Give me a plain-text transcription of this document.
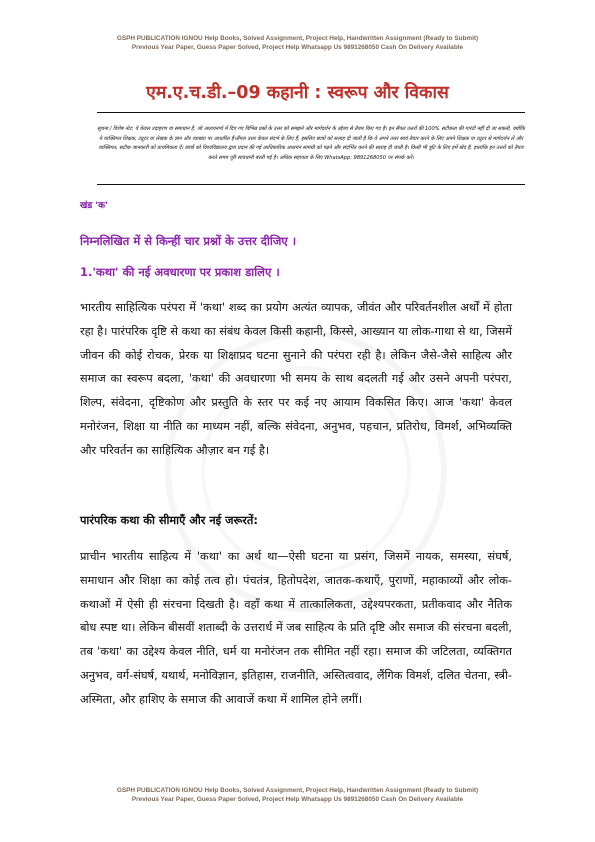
GSPH PUBLICATION IGNOU Help Books, Solved Assignment, Project Help, Handwritten Assignment (Ready to Submit)
Previous Year Paper, Guess Paper Solved, Project Help Whatsapp Us 9891268050 Cash On Delivery Available
एम.ए.च.डी.–09 कहानी : स्वरूप और विकास
सूचना / विशेष नोट: ये केवल उदाहरण या समाधान हैं, जो अध्ययनार्थ में दिए गए विभिन्न प्रश्नों के उत्तर को समझने और मार्गदर्शन के उद्देश्य से तैयार किए गए हैं। इन सैंपल उत्तरों की 100% सटीकता की गारंटी नहीं दी जा सकती, क्योंकि ये व्यक्तिगत शिक्षक, ट्यूटर या लेखक के ज्ञान और व्याख्या पर आधारित हैं।सैंपल उत्तर केवल संदर्भ के लिए हैं, इसलिए छात्रों को सलाह दी जाती है कि वे अपने उत्तर स्वयं तैयार करने के लिए अपने शिक्षक या ट्यूटर से मार्गदर्शन लें और व्यक्तिगत, सटीक जानकारी को प्राथमिकता दें। छात्रों को विश्वविद्यालय द्वारा प्रदान की गई आधिकारिक अध्ययन सामग्री को पढ़ने और संदर्भित करने की सलाह दी जाती है। किसी भी त्रुटि के लिए हमें खेद है, हालांकि इन उत्तरों को तैयार करते समय पूरी सावधानी बरती गई है। अधिक सहायता के लिए WhatsApp: 9891268050 पर संपर्क करें।
खंड 'क'
निम्नलिखित में से किन्हीं चार प्रश्नों के उत्तर दीजिए ।
1.'कथा' की नई अवधारणा पर प्रकाश डालिए ।
भारतीय साहित्यिक परंपरा में 'कथा' शब्द का प्रयोग अत्यंत व्यापक, जीवंत और परिवर्तनशील अर्थों में होता रहा है। पारंपरिक दृष्टि से कथा का संबंध केवल किसी कहानी, किस्से, आख्यान या लोक-गाथा से था, जिसमें जीवन की कोई रोचक, प्रेरक या शिक्षाप्रद घटना सुनाने की परंपरा रही है। लेकिन जैसे-जैसे साहित्य और समाज का स्वरूप बदला, 'कथा' की अवधारणा भी समय के साथ बदलती गई और उसने अपनी परंपरा, शिल्प, संवेदना, दृष्टिकोण और प्रस्तुति के स्तर पर कई नए आयाम विकसित किए। आज 'कथा' केवल मनोरंजन, शिक्षा या नीति का माध्यम नहीं, बल्कि संवेदना, अनुभव, पहचान, प्रतिरोध, विमर्श, अभिव्यक्ति और परिवर्तन का साहित्यिक औज़ार बन गई है।
पारंपरिक कथा की सीमाएँ और नई जरूरतें:
प्राचीन भारतीय साहित्य में 'कथा' का अर्थ था—ऐसी घटना या प्रसंग, जिसमें नायक, समस्या, संघर्ष, समाधान और शिक्षा का कोई तत्व हो। पंचतंत्र, हितोपदेश, जातक-कथाएँ, पुराणों, महाकाव्यों और लोक-कथाओं में ऐसी ही संरचना दिखती है। वहाँ कथा में तात्कालिकता, उद्देश्यपरकता, प्रतीकवाद और नैतिक बोध स्पष्ट था। लेकिन बीसवीं शताब्दी के उत्तरार्ध में जब साहित्य के प्रति दृष्टि और समाज की संरचना बदली, तब 'कथा' का उद्देश्य केवल नीति, धर्म या मनोरंजन तक सीमित नहीं रहा। समाज की जटिलता, व्यक्तिगत अनुभव, वर्ग-संघर्ष, यथार्थ, मनोविज्ञान, इतिहास, राजनीति, अस्तित्ववाद, लैंगिक विमर्श, दलित चेतना, स्त्री-अस्मिता, और हाशिए के समाज की आवाजें कथा में शामिल होने लगीं।
GSPH PUBLICATION IGNOU Help Books, Solved Assignment, Project Help, Handwritten Assignment (Ready to Submit)
Previous Year Paper, Guess Paper Solved, Project Help Whatsapp Us 9891268050 Cash On Delivery Available
